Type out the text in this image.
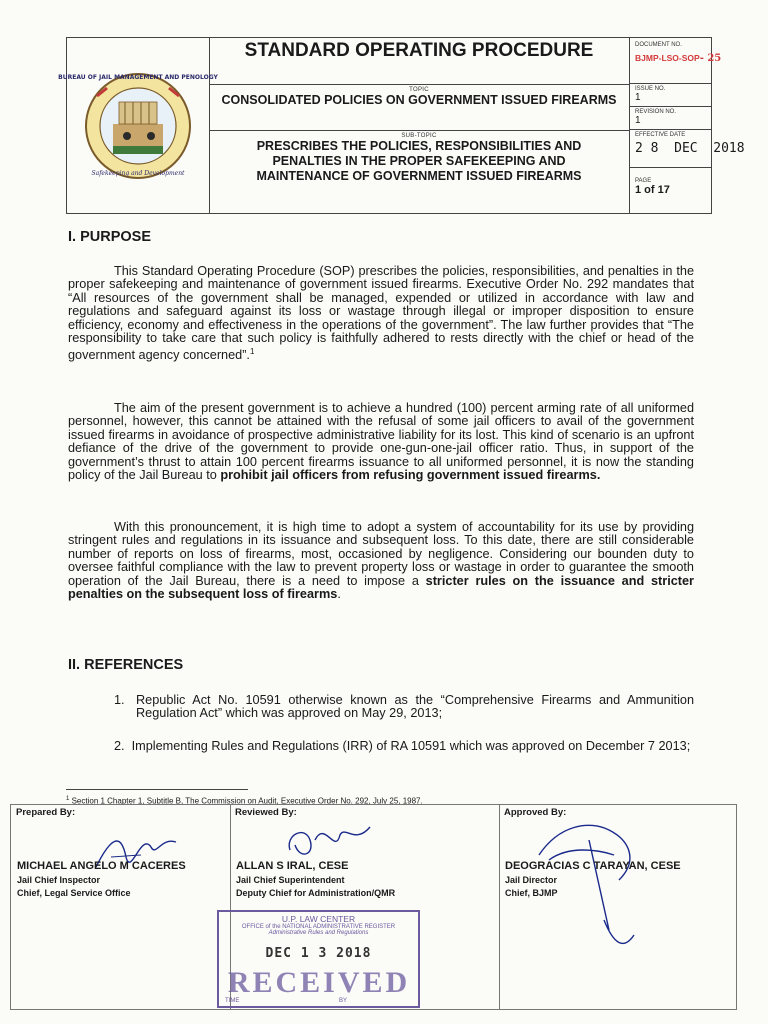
BUREAU OF JAIL MANAGEMENT AND PENOLOGY
Safekeeping and Development
STANDARD OPERATING PROCEDURE
TOPIC
CONSOLIDATED POLICIES ON GOVERNMENT ISSUED FIREARMS
SUB-TOPIC
PRESCRIBES THE POLICIES, RESPONSIBILITIES AND PENALTIES IN THE PROPER SAFEKEEPING AND MAINTENANCE OF GOVERNMENT ISSUED FIREARMS
DOCUMENT NO.
BJMP-LSO-SOP- 25
ISSUE NO.
1
REVISION NO.
1
EFFECTIVE DATE
2 8  DEC  2018
PAGE
1 of 17
I. PURPOSE
This Standard Operating Procedure (SOP) prescribes the policies, responsibilities, and penalties in the proper safekeeping and maintenance of government issued firearms. Executive Order No. 292 mandates that “All resources of the government shall be managed, expended or utilized in accordance with law and regulations and safeguard against its loss or wastage through illegal or improper disposition to ensure efficiency, economy and effectiveness in the operations of the government”. The law further provides that “The responsibility to take care that such policy is faithfully adhered to rests directly with the chief or head of the government agency concerned”.$^1$
The aim of the present government is to achieve a hundred (100) percent arming rate of all uniformed personnel, however, this cannot be attained with the refusal of some jail officers to avail of the government issued firearms in avoidance of prospective administrative liability for its lost. This kind of scenario is an upfront defiance of the drive of the government to provide one-gun-one-jail officer ratio. Thus, in support of the government’s thrust to attain 100 percent firearms issuance to all uniformed personnel, it is now the standing policy of the Jail Bureau to prohibit jail officers from refusing government issued firearms.
With this pronouncement, it is high time to adopt a system of accountability for its use by providing stringent rules and regulations in its issuance and subsequent loss. To this date, there are still considerable number of reports on loss of firearms, most, occasioned by negligence. Considering our bounden duty to oversee faithful compliance with the law to prevent property loss or wastage in order to guarantee the smooth operation of the Jail Bureau, there is a need to impose a stricter rules on the issuance and stricter penalties on the subsequent loss of firearms.
II. REFERENCES
1. Republic Act No. 10591 otherwise known as the “Comprehensive Firearms and Ammunition Regulation Act” which was approved on May 29, 2013;
2. Implementing Rules and Regulations (IRR) of RA 10591 which was approved on December 7 2013;
$^1$ Section 1 Chapter 1, Subtitle B, The Commission on Audit, Executive Order No. 292, July 25, 1987.
Prepared By:
MICHAEL ANGELO M CACERES
Jail Chief Inspector
Chief, Legal Service Office
Reviewed By:
ALLAN S IRAL, CESE
Jail Chief Superintendent
Deputy Chief for Administration/QMR
Approved By:
DEOGRACIAS C TARAYAN, CESE
Jail Director
Chief, BJMP
U.P. LAW CENTER
OFFICE of the NATIONAL ADMINISTRATIVE REGISTER
Administrative Rules and Regulations
DEC 1 3 2018
RECEIVED
TIME	BY
